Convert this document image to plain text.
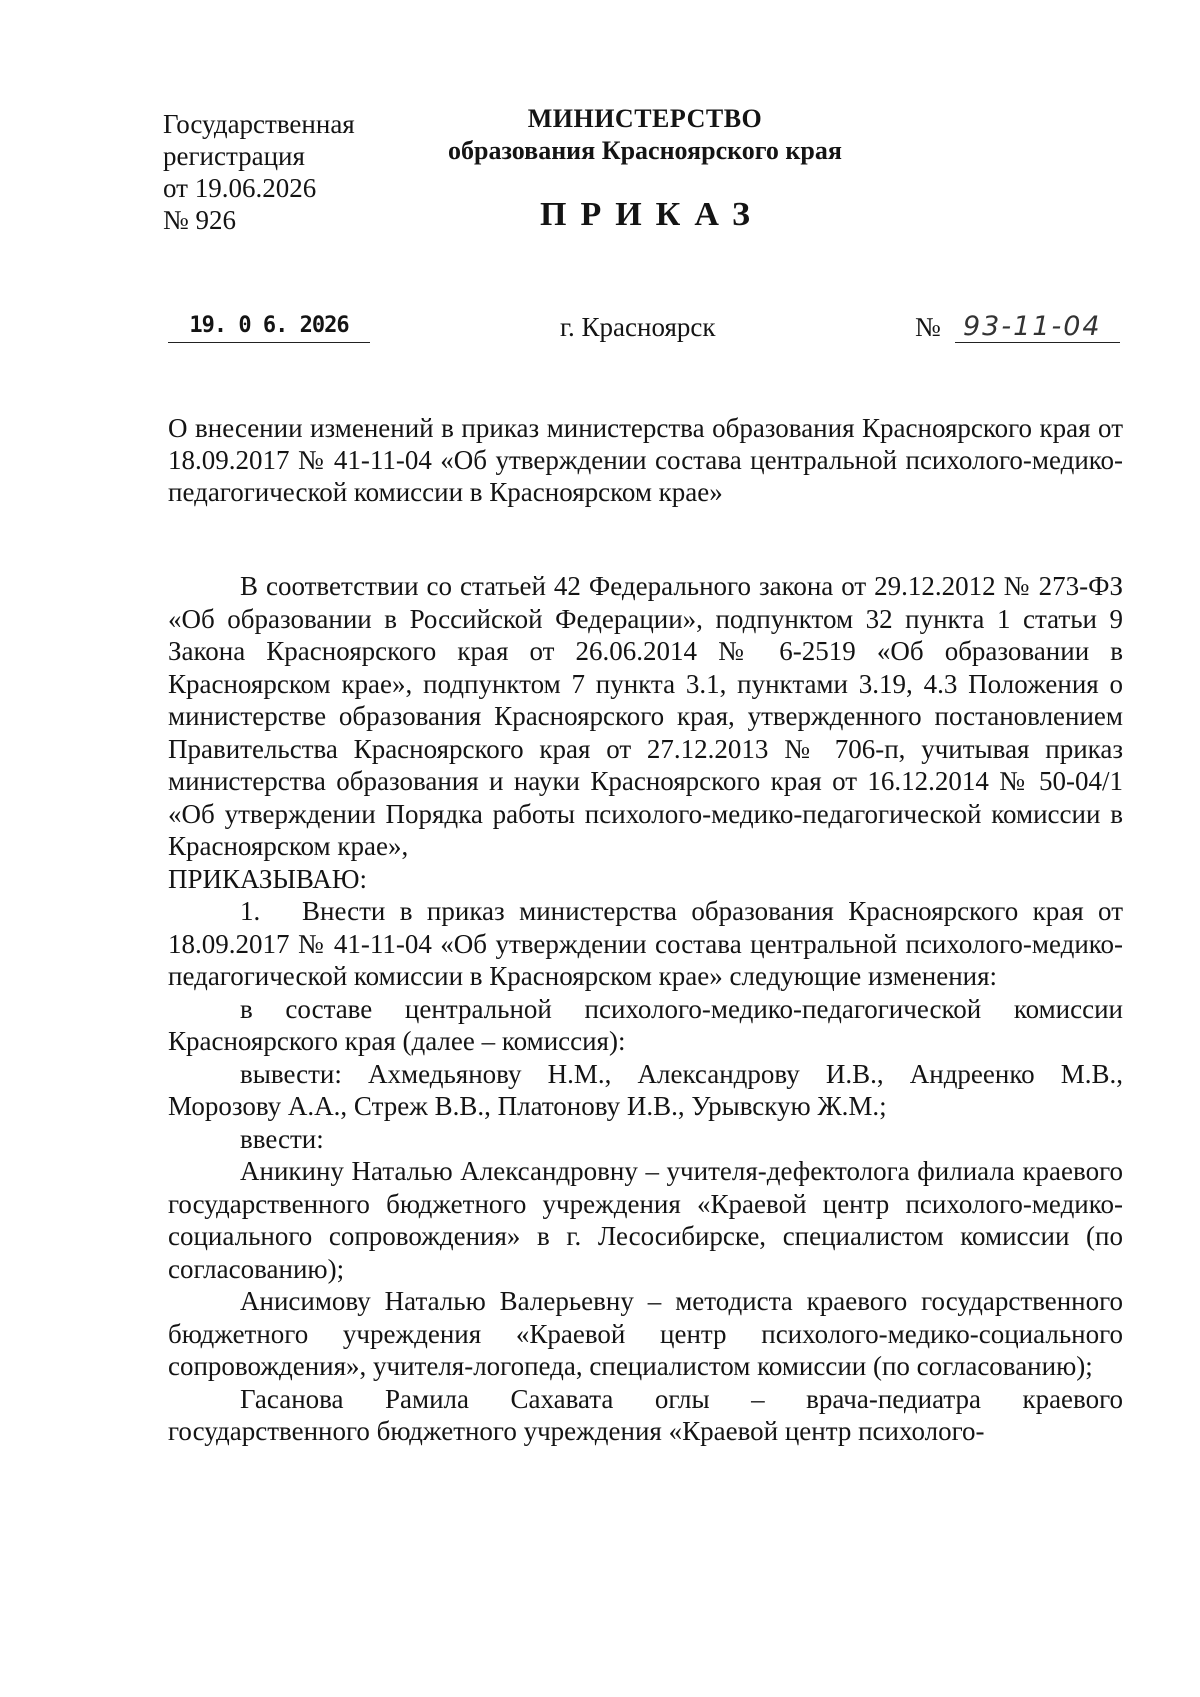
Государственная
регистрация
от 19.06.2026
№ 926
МИНИСТЕРСТВО
образования Красноярского края
ПРИКАЗ
19. 0 6. 2026	г. Красноярск	№ 93-11-04
О внесении изменений в приказ министерства образования Красноярского края от 18.09.2017 № 41-11-04 «Об утверждении состава центральной психолого-медико-педагогической комиссии в Красноярском крае»

В соответствии со статьей 42 Федерального закона от 29.12.2012 № 273-ФЗ «Об образовании в Российской Федерации», подпунктом 32 пункта 1 статьи 9 Закона Красноярского края от 26.06.2014 № 6-2519 «Об образовании в Красноярском крае», подпунктом 7 пункта 3.1, пунктами 3.19, 4.3 Положения о министерстве образования Красноярского края, утвержденного постановлением Правительства Красноярского края от 27.12.2013 № 706-п, учитывая приказ министерства образования и науки Красноярского края от 16.12.2014 № 50-04/1 «Об утверждении Порядка работы психолого-медико-педагогической комиссии в Красноярском крае»,

ПРИКАЗЫВАЮ:

1. Внести в приказ министерства образования Красноярского края от 18.09.2017 № 41-11-04 «Об утверждении состава центральной психолого-медико-педагогической комиссии в Красноярском крае» следующие изменения:

в составе центральной психолого-медико-педагогической комиссии Красноярского края (далее – комиссия):

вывести: Ахмедьянову Н.М., Александрову И.В., Андреенко М.В., Морозову А.А., Стреж В.В., Платонову И.В., Урывскую Ж.М.;

ввести:

Аникину Наталью Александровну – учителя-дефектолога филиала краевого государственного бюджетного учреждения «Краевой центр психолого-медико-социального сопровождения» в г. Лесосибирске, специалистом комиссии (по согласованию);

Анисимову Наталью Валерьевну – методиста краевого государственного бюджетного учреждения «Краевой центр психолого-медико-социального сопровождения», учителя-логопеда, специалистом комиссии (по согласованию);

Гасанова Рамила Сахавата оглы – врача-педиатра краевого государственного бюджетного учреждения «Краевой центр психолого-
